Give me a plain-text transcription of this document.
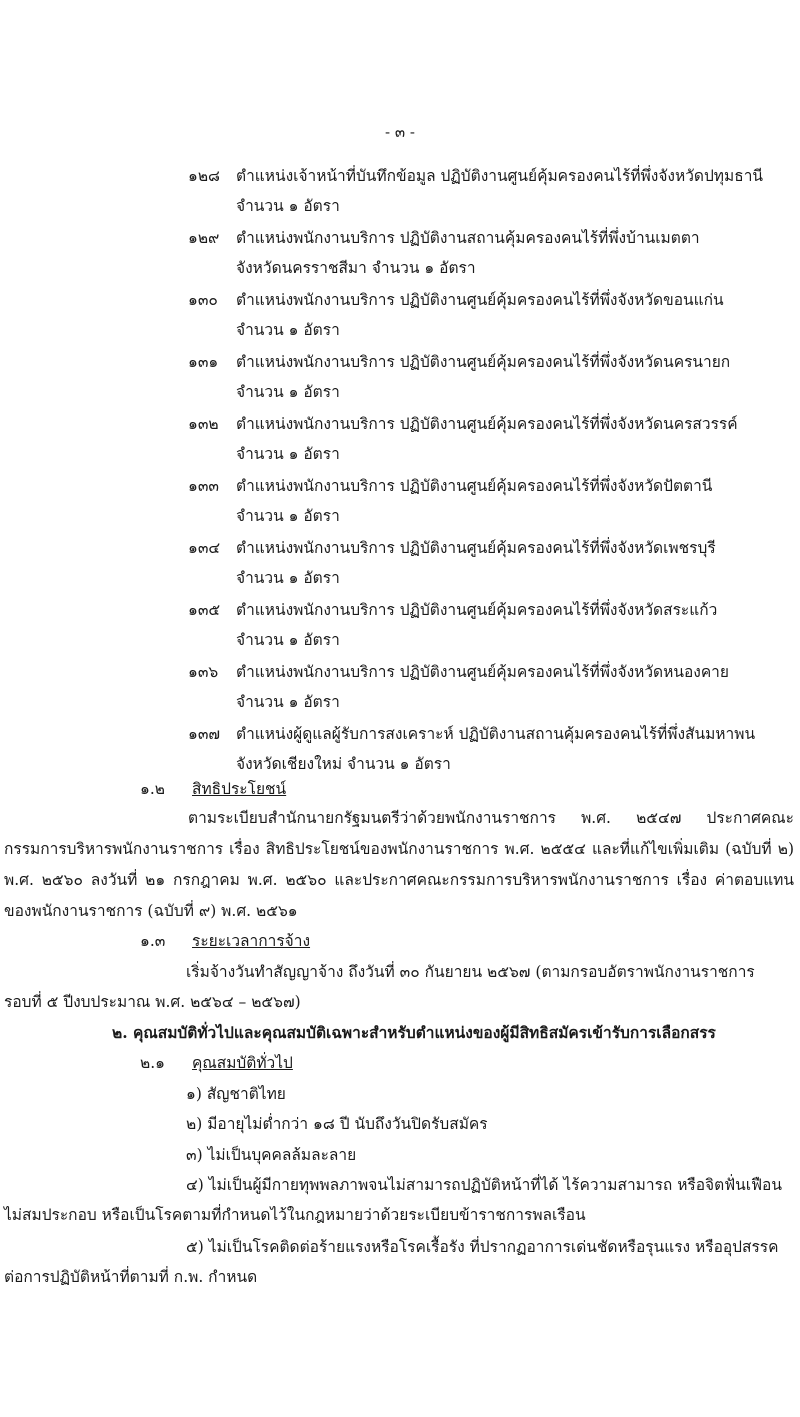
- ๓ -
๑๒๘ ตำแหน่งเจ้าหน้าที่บันทึกข้อมูล ปฏิบัติงานศูนย์คุ้มครองคนไร้ที่พึ่งจังหวัดปทุมธานี
จำนวน ๑ อัตรา
๑๒๙ ตำแหน่งพนักงานบริการ ปฏิบัติงานสถานคุ้มครองคนไร้ที่พึ่งบ้านเมตตา
จังหวัดนครราชสีมา จำนวน ๑ อัตรา
๑๓๐ ตำแหน่งพนักงานบริการ ปฏิบัติงานศูนย์คุ้มครองคนไร้ที่พึ่งจังหวัดขอนแก่น
จำนวน ๑ อัตรา
๑๓๑ ตำแหน่งพนักงานบริการ ปฏิบัติงานศูนย์คุ้มครองคนไร้ที่พึ่งจังหวัดนครนายก
จำนวน ๑ อัตรา
๑๓๒ ตำแหน่งพนักงานบริการ ปฏิบัติงานศูนย์คุ้มครองคนไร้ที่พึ่งจังหวัดนครสวรรค์
จำนวน ๑ อัตรา
๑๓๓ ตำแหน่งพนักงานบริการ ปฏิบัติงานศูนย์คุ้มครองคนไร้ที่พึ่งจังหวัดปัตตานี
จำนวน ๑ อัตรา
๑๓๔ ตำแหน่งพนักงานบริการ ปฏิบัติงานศูนย์คุ้มครองคนไร้ที่พึ่งจังหวัดเพชรบุรี
จำนวน ๑ อัตรา
๑๓๕ ตำแหน่งพนักงานบริการ ปฏิบัติงานศูนย์คุ้มครองคนไร้ที่พึ่งจังหวัดสระแก้ว
จำนวน ๑ อัตรา
๑๓๖ ตำแหน่งพนักงานบริการ ปฏิบัติงานศูนย์คุ้มครองคนไร้ที่พึ่งจังหวัดหนองคาย
จำนวน ๑ อัตรา
๑๓๗ ตำแหน่งผู้ดูแลผู้รับการสงเคราะห์ ปฏิบัติงานสถานคุ้มครองคนไร้ที่พึ่งสันมหาพน
จังหวัดเชียงใหม่ จำนวน ๑ อัตรา
๑.๒ สิทธิประโยชน์
ตามระเบียบสำนักนายกรัฐมนตรีว่าด้วยพนักงานราชการ พ.ศ. ๒๕๔๗ ประกาศคณะกรรมการบริหารพนักงานราชการ เรื่อง สิทธิประโยชน์ของพนักงานราชการ พ.ศ. ๒๕๕๔ และที่แก้ไขเพิ่มเติม (ฉบับที่ ๒) พ.ศ. ๒๕๖๐ ลงวันที่ ๒๑ กรกฎาคม พ.ศ. ๒๕๖๐ และประกาศคณะกรรมการบริหารพนักงานราชการ เรื่อง ค่าตอบแทนของพนักงานราชการ (ฉบับที่ ๙) พ.ศ. ๒๕๖๑
๑.๓ ระยะเวลาการจ้าง
เริ่มจ้างวันทำสัญญาจ้าง ถึงวันที่ ๓๐ กันยายน ๒๕๖๗ (ตามกรอบอัตราพนักงานราชการ
รอบที่ ๕ ปีงบประมาณ พ.ศ. ๒๕๖๔ – ๒๕๖๗)
๒. คุณสมบัติทั่วไปและคุณสมบัติเฉพาะสำหรับตำแหน่งของผู้มีสิทธิสมัครเข้ารับการเลือกสรร
๒.๑ คุณสมบัติทั่วไป
๑) สัญชาติไทย
๒) มีอายุไม่ต่ำกว่า ๑๘ ปี นับถึงวันปิดรับสมัคร
๓) ไม่เป็นบุคคลล้มละลาย
๔) ไม่เป็นผู้มีกายทุพพลภาพจนไม่สามารถปฏิบัติหน้าที่ได้ ไร้ความสามารถ หรือจิตฟั่นเฟือน
ไม่สมประกอบ หรือเป็นโรคตามที่กำหนดไว้ในกฎหมายว่าด้วยระเบียบข้าราชการพลเรือน
๕) ไม่เป็นโรคติดต่อร้ายแรงหรือโรคเรื้อรัง ที่ปรากฏอาการเด่นชัดหรือรุนแรง หรืออุปสรรค
ต่อการปฏิบัติหน้าที่ตามที่ ก.พ. กำหนด
